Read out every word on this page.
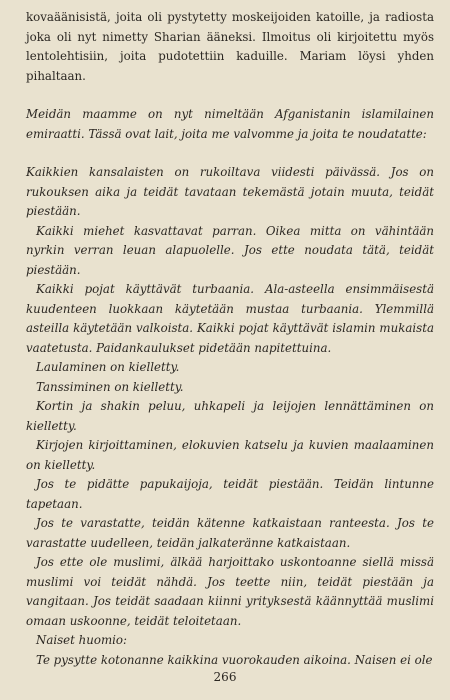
kovaäänisistä, joita oli pystytetty moskeijoiden katoille, ja radiosta joka oli nyt nimetty Sharian ääneksi. Ilmoitus oli kirjoitettu myös lentolehtisiin, joita pudotettiin kaduille. Mariam löysi yhden pihaltaan.

Meidän maamme on nyt nimeltään Afganistanin islamilainen emiraatti. Tässä ovat lait, joita me valvomme ja joita te noudatatte:

Kaikkien kansalaisten on rukoiltava viidesti päivässä. Jos on rukouksen aika ja teidät tavataan tekemästä jotain muuta, teidät piestään.

Kaikki miehet kasvattavat parran. Oikea mitta on vähintään nyrkin verran leuan alapuolelle. Jos ette noudata tätä, teidät piestään.

Kaikki pojat käyttävät turbaania. Ala-asteella ensimmäisestä kuudenteen luokkaan käytetään mustaa turbaania. Ylemmillä asteilla käytetään valkoista. Kaikki pojat käyttävät islamin mukaista vaatetusta. Paidankaulukset pidetään napitettuina.

Laulaminen on kielletty.

Tanssiminen on kielletty.

Kortin ja shakin peluu, uhkapeli ja leijojen lennättäminen on kielletty.

Kirjojen kirjoittaminen, elokuvien katselu ja kuvien maalaaminen on kielletty.

Jos te pidätte papukaijoja, teidät piestään. Teidän lintunne tapetaan.

Jos te varastatte, teidän kätenne katkaistaan ranteesta. Jos te varastatte uudelleen, teidän jalkateränne katkaistaan.

Jos ette ole muslimi, älkää harjoittako uskontoanne siellä missä muslimi voi teidät nähdä. Jos teette niin, teidät piestään ja vangitaan. Jos teidät saadaan kiinni yrityksestä käännyttää muslimi omaan uskoonne, teidät teloitetaan.

Naiset huomio:

Te pysytte kotonanne kaikkina vuorokauden aikoina. Naisen ei ole

266
